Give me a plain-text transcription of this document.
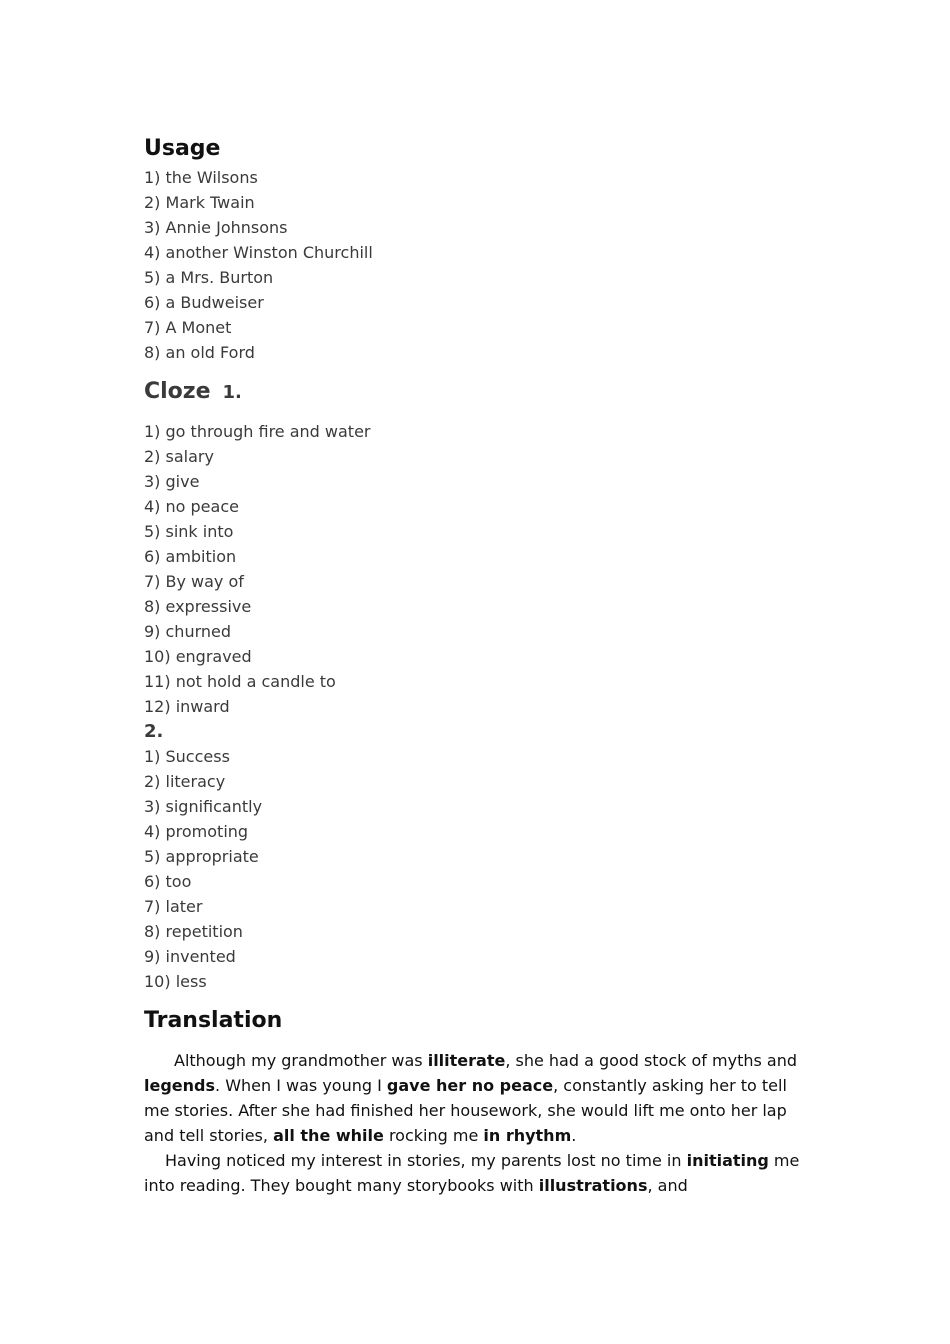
Usage
1) the Wilsons
2) Mark Twain
3) Annie Johnsons
4) another Winston Churchill
5) a Mrs. Burton
6) a Budweiser
7) A Monet
8) an old Ford
Cloze 1.
1) go through fire and water
2) salary
3) give
4) no peace
5) sink into
6) ambition
7) By way of
8) expressive
9) churned
10) engraved
11) not hold a candle to
12) inward
2.
1) Success
2) literacy
3) significantly
4) promoting
5) appropriate
6) too
7) later
8) repetition
9) invented
10) less
Translation

Although my grandmother was illiterate, she had a good stock of myths and legends. When I was young I gave her no peace, constantly asking her to tell me stories. After she had finished her housework, she would lift me onto her lap and tell stories, all the while rocking me in rhythm.

Having noticed my interest in stories, my parents lost no time in initiating me into reading. They bought many storybooks with illustrations, and
